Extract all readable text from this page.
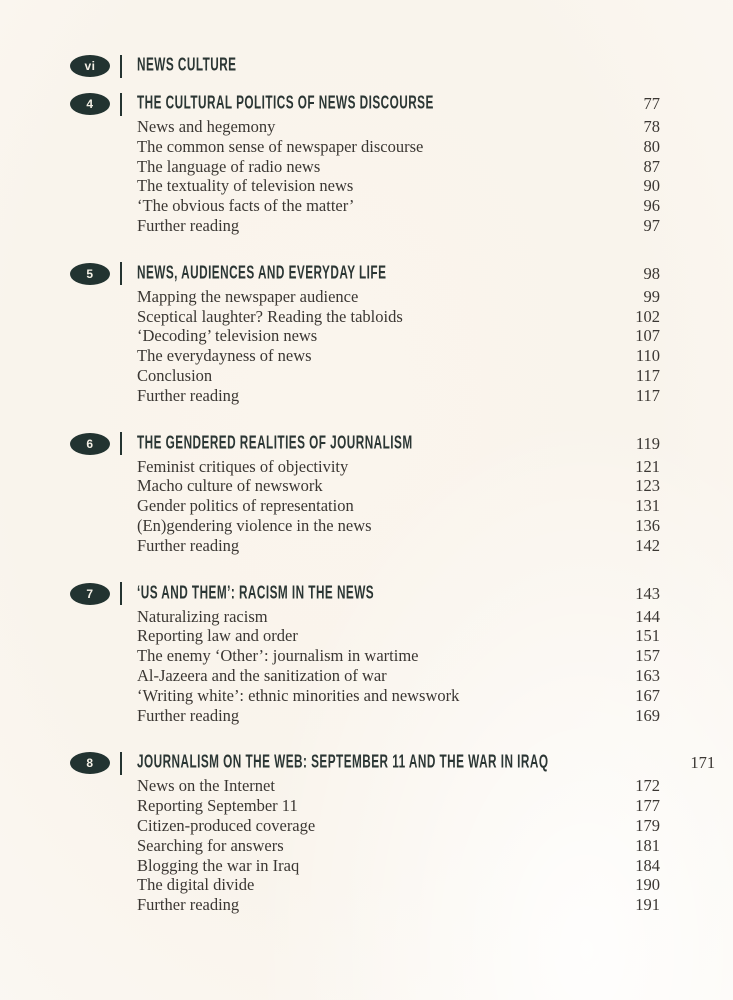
vi	NEWS CULTURE
4	THE CULTURAL POLITICS OF NEWS DISCOURSE	77
News and hegemony	78
The common sense of newspaper discourse	80
The language of radio news	87
The textuality of television news	90
‘The obvious facts of the matter’	96
Further reading	97
5	NEWS, AUDIENCES AND EVERYDAY LIFE	98
Mapping the newspaper audience	99
Sceptical laughter? Reading the tabloids	102
‘Decoding’ television news	107
The everydayness of news	110
Conclusion	117
Further reading	117
6	THE GENDERED REALITIES OF JOURNALISM	119
Feminist critiques of objectivity	121
Macho culture of newswork	123
Gender politics of representation	131
(En)gendering violence in the news	136
Further reading	142
7	‘US AND THEM’: RACISM IN THE NEWS	143
Naturalizing racism	144
Reporting law and order	151
The enemy ‘Other’: journalism in wartime	157
Al-Jazeera and the sanitization of war	163
‘Writing white’: ethnic minorities and newswork	167
Further reading	169
8	JOURNALISM ON THE WEB: SEPTEMBER 11 AND THE WAR IN IRAQ	171
News on the Internet	172
Reporting September 11	177
Citizen-produced coverage	179
Searching for answers	181
Blogging the war in Iraq	184
The digital divide	190
Further reading	191
